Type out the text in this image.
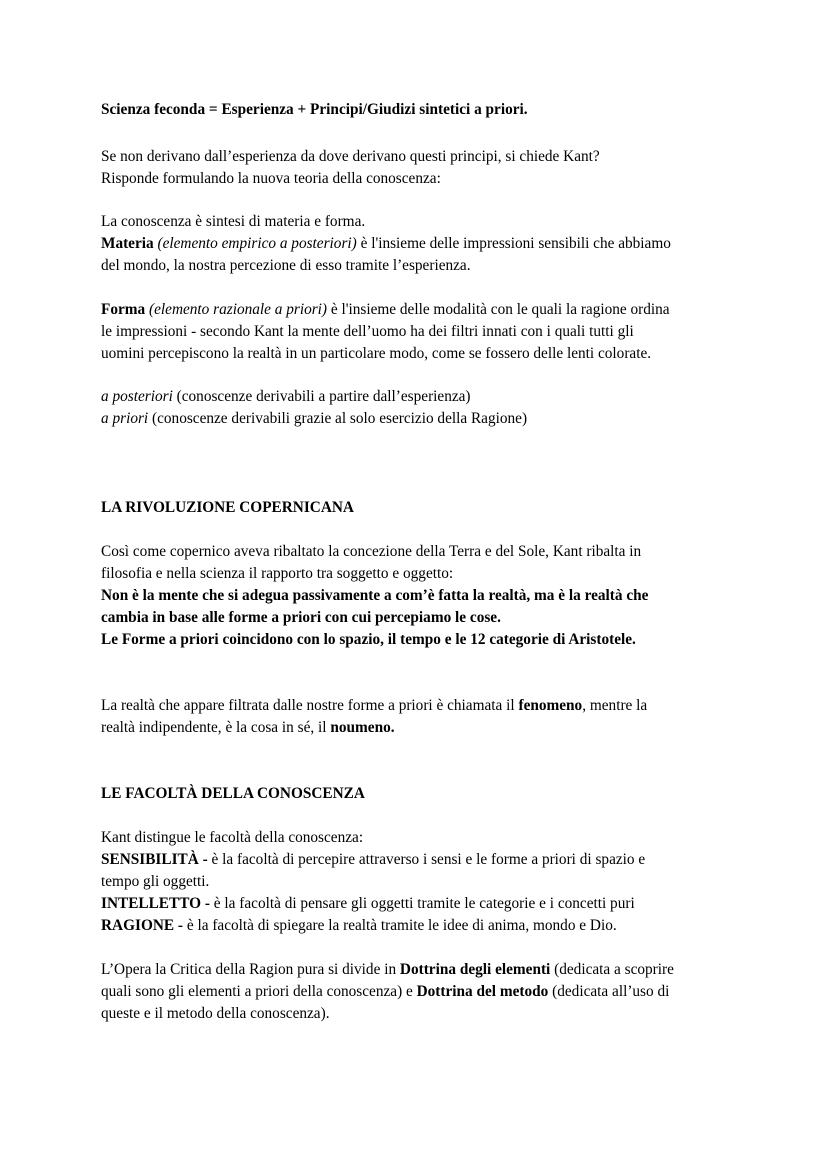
Scienza feconda = Esperienza + Principi/Giudizi sintetici a priori.
Se non derivano dall’esperienza da dove derivano questi principi, si chiede Kant?
Risponde formulando la nuova teoria della conoscenza:
La conoscenza è sintesi di materia e forma.
Materia (elemento empirico a posteriori) è l'insieme delle impressioni sensibili che abbiamo
del mondo, la nostra percezione di esso tramite l’esperienza.
Forma (elemento razionale a priori) è l'insieme delle modalità con le quali la ragione ordina
le impressioni - secondo Kant la mente dell’uomo ha dei filtri innati con i quali tutti gli
uomini percepiscono la realtà in un particolare modo, come se fossero delle lenti colorate.
a posteriori (conoscenze derivabili a partire dall’esperienza)
a priori (conoscenze derivabili grazie al solo esercizio della Ragione)
LA RIVOLUZIONE COPERNICANA
Così come copernico aveva ribaltato la concezione della Terra e del Sole, Kant ribalta in
filosofia e nella scienza il rapporto tra soggetto e oggetto:
Non è la mente che si adegua passivamente a com’è fatta la realtà, ma è la realtà che
cambia in base alle forme a priori con cui percepiamo le cose.
Le Forme a priori coincidono con lo spazio, il tempo e le 12 categorie di Aristotele.
La realtà che appare filtrata dalle nostre forme a priori è chiamata il fenomeno, mentre la
realtà indipendente, è la cosa in sé, il noumeno.
LE FACOLTÀ DELLA CONOSCENZA
Kant distingue le facoltà della conoscenza:
SENSIBILITÀ - è la facoltà di percepire attraverso i sensi e le forme a priori di spazio e
tempo gli oggetti.
INTELLETTO - è la facoltà di pensare gli oggetti tramite le categorie e i concetti puri
RAGIONE - è la facoltà di spiegare la realtà tramite le idee di anima, mondo e Dio.
L’Opera la Critica della Ragion pura si divide in Dottrina degli elementi (dedicata a scoprire
quali sono gli elementi a priori della conoscenza) e Dottrina del metodo (dedicata all’uso di
queste e il metodo della conoscenza).
